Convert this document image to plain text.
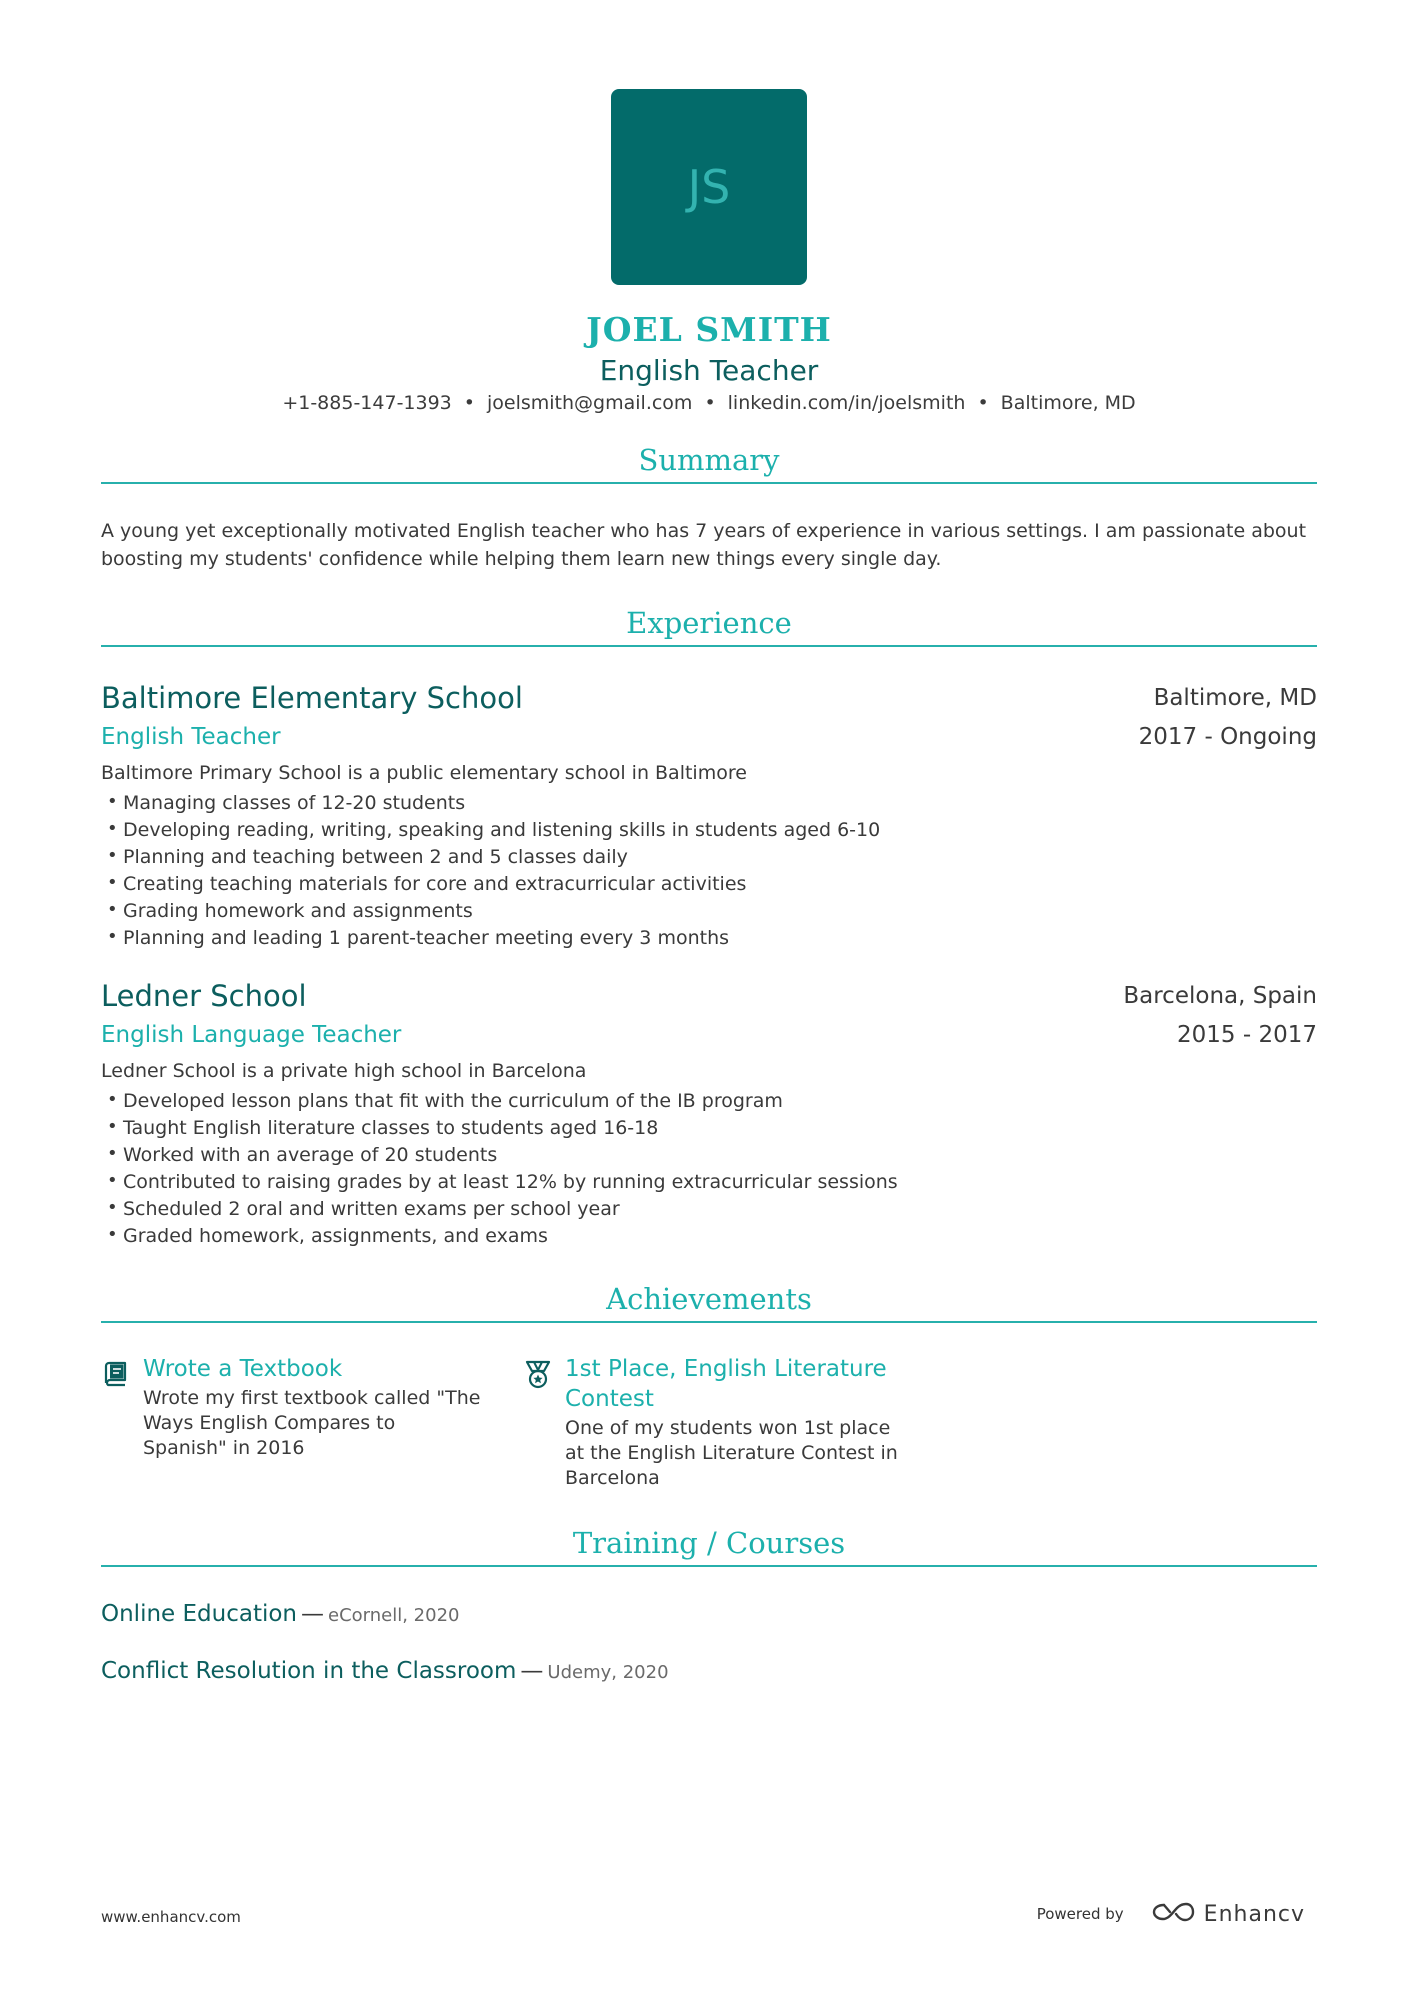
JS
JOEL SMITH
English Teacher
+1-885-147-1393 • joelsmith@gmail.com • linkedin.com/in/joelsmith • Baltimore, MD
Summary
A young yet exceptionally motivated English teacher who has 7 years of experience in various settings. I am passionate about boosting my students' confidence while helping them learn new things every single day.
Experience
Baltimore Elementary School
English Teacher
Baltimore, MD
2017 - Ongoing
Baltimore Primary School is a public elementary school in Baltimore
• Managing classes of 12-20 students
• Developing reading, writing, speaking and listening skills in students aged 6-10
• Planning and teaching between 2 and 5 classes daily
• Creating teaching materials for core and extracurricular activities
• Grading homework and assignments
• Planning and leading 1 parent-teacher meeting every 3 months
Ledner School
English Language Teacher
Barcelona, Spain
2015 - 2017
Ledner School is a private high school in Barcelona
• Developed lesson plans that fit with the curriculum of the IB program
• Taught English literature classes to students aged 16-18
• Worked with an average of 20 students
• Contributed to raising grades by at least 12% by running extracurricular sessions
• Scheduled 2 oral and written exams per school year
• Graded homework, assignments, and exams
Achievements
Wrote a Textbook
Wrote my first textbook called "The Ways English Compares to Spanish" in 2016
1st Place, English Literature Contest
One of my students won 1st place at the English Literature Contest in Barcelona
Training / Courses
Online Education — eCornell, 2020
Conflict Resolution in the Classroom — Udemy, 2020
www.enhancv.com	Powered by	Enhancv
